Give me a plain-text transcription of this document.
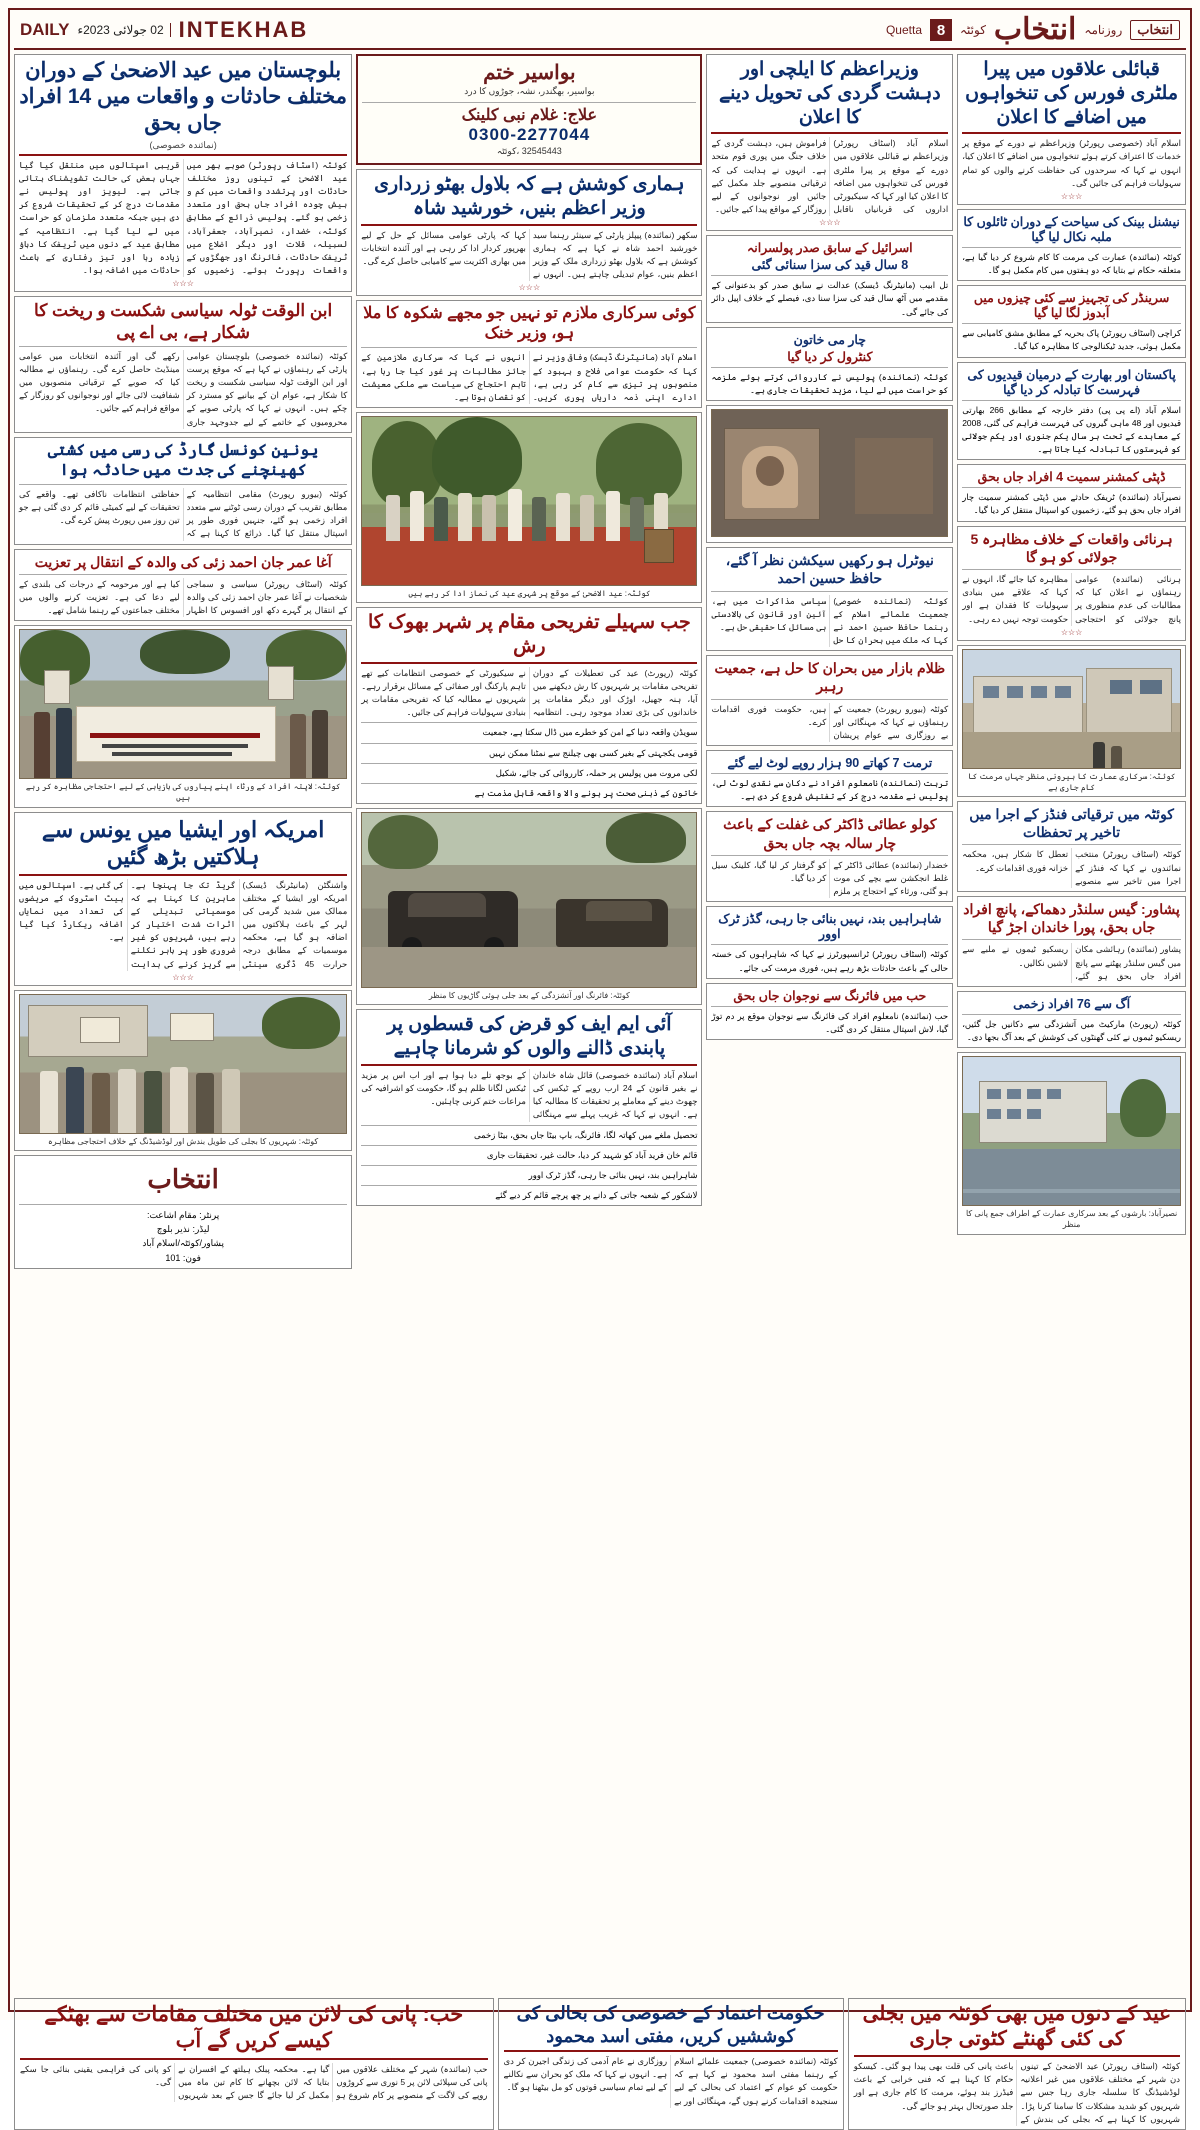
انتخاب
روزنامہ
انتخاب
کوئٹہ
8
Quetta
INTEKHAB
02 جولائی 2023ء
DAILY
قبائلی علاقوں میں پیرا ملٹری فورس کی تنخواہوں میں اضافے کا اعلان
اسلام آباد (خصوصی رپورٹر) وزیراعظم نے دورے کے موقع پر خدمات کا اعتراف کرتے ہوئے تنخواہوں میں اضافے کا اعلان کیا، انہوں نے کہا کہ سرحدوں کی حفاظت کرنے والوں کو تمام سہولیات فراہم کی جائیں گی۔
☆☆☆
نیشنل بینک کی سیاحت کے دوران ٹائلوں کا ملبہ نکال لیا گیا
کوئٹہ (نمائندہ) عمارت کی مرمت کا کام شروع کر دیا گیا ہے، متعلقہ حکام نے بتایا کہ دو ہفتوں میں کام مکمل ہو گا۔
سرینڈر کی تجہیز سے کئی چیزوں میں آبدوز لگا لیا گیا
کراچی (اسٹاف رپورٹر) پاک بحریہ کے مطابق مشق کامیابی سے مکمل ہوئی، جدید ٹیکنالوجی کا مظاہرہ کیا گیا۔
پاکستان اور بھارت کے درمیان قیدیوں کی فہرست کا تبادلہ کر دیا گیا
اسلام آباد (اے پی پی) دفتر خارجہ کے مطابق 266 بھارتی قیدیوں اور 48 ماہی گیروں کی فہرست فراہم کی گئی، 2008 کے معاہدے کے تحت ہر سال یکم جنوری اور یکم جولائی کو فہرستوں کا تبادلہ کیا جاتا ہے۔
ڈپٹی کمشنر سمیت 4 افراد جاں بحق
نصیرآباد (نمائندہ) ٹریفک حادثے میں ڈپٹی کمشنر سمیت چار افراد جاں بحق ہو گئے، زخمیوں کو اسپتال منتقل کر دیا گیا۔
ہرنائی واقعات کے خلاف مظاہرہ 5 جولائی کو ہو گا
ہرنائی (نمائندہ) عوامی رہنماؤں نے اعلان کیا کہ مطالبات کی عدم منظوری پر پانچ جولائی کو احتجاجی مظاہرہ کیا جائے گا، انہوں نے کہا کہ علاقے میں بنیادی سہولیات کا فقدان ہے اور حکومت توجہ نہیں دے رہی۔
☆☆☆
کوئٹہ: سرکاری عمارت کا بیرونی منظر جہاں مرمت کا کام جاری ہے
کوئٹہ میں ترقیاتی فنڈز کے اجرا میں تاخیر پر تحفظات
کوئٹہ (اسٹاف رپورٹر) منتخب نمائندوں نے کہا کہ فنڈز کے اجرا میں تاخیر سے منصوبے تعطل کا شکار ہیں، محکمہ خزانہ فوری اقدامات کرے۔
پشاور: گیس سلنڈر دھماکے، پانچ افراد جاں بحق، پورا خاندان اجڑ گیا
پشاور (نمائندہ) رہائشی مکان میں گیس سلنڈر پھٹنے سے پانچ افراد جاں بحق ہو گئے، ریسکیو ٹیموں نے ملبے سے لاشیں نکالیں۔
آگ سے 76 افراد زخمی
کوئٹہ (رپورٹ) مارکیٹ میں آتشزدگی سے دکانیں جل گئیں، ریسکیو ٹیموں نے کئی گھنٹوں کی کوشش کے بعد آگ بجھا دی۔
نصیرآباد: بارشوں کے بعد سرکاری عمارت کے اطراف جمع پانی کا منظر
وزیراعظم کا ایلچی اور دہشت گردی کی تحویل دینے کا اعلان
اسلام آباد (اسٹاف رپورٹر) وزیراعظم نے قبائلی علاقوں میں دورے کے موقع پر پیرا ملٹری فورس کی تنخواہوں میں اضافہ کا اعلان کیا اور کہا کہ سیکیورٹی اداروں کی قربانیاں ناقابل فراموش ہیں، دہشت گردی کے خلاف جنگ میں پوری قوم متحد ہے۔ انہوں نے ہدایت کی کہ ترقیاتی منصوبے جلد مکمل کیے جائیں اور نوجوانوں کے لیے روزگار کے مواقع پیدا کیے جائیں۔
☆☆☆
اسرائیل کے سابق صدر پولسرانہ
8 سال قید کی سزا سنائی گئی
تل ابیب (مانیٹرنگ ڈیسک) عدالت نے سابق صدر کو بدعنوانی کے مقدمے میں آٹھ سال قید کی سزا سنا دی، فیصلے کے خلاف اپیل دائر کی جائے گی۔
چار می خاتون
کنٹرول کر دیا گیا
کوئٹہ (نمائندہ) پولیس نے کارروائی کرتے ہوئے ملزمہ کو حراست میں لے لیا، مزید تحقیقات جاری ہے۔
نیوٹرل ہو رکھیں سیکشن نظر آ گئے، حافظ حسین احمد
کوئٹہ (نمائندہ خصوصی) جمعیت علمائے اسلام کے رہنما حافظ حسین احمد نے کہا کہ ملک میں بحران کا حل سیاسی مذاکرات میں ہے، آئین اور قانون کی بالادستی ہی مسائل کا حقیقی حل ہے۔
ظلام بازار میں بحران کا حل ہے، جمعیت رہبر
کوئٹہ (بیورو رپورٹ) جمعیت کے رہنماؤں نے کہا کہ مہنگائی اور بے روزگاری سے عوام پریشان ہیں، حکومت فوری اقدامات کرے۔
ترمت 7 کھاتے 90 ہزار روپے لوٹ لیے گئے
تربت (نمائندہ) نامعلوم افراد نے دکان سے نقدی لوٹ لی، پولیس نے مقدمہ درج کر کے تفتیش شروع کر دی ہے۔
کولو عطائی ڈاکٹر کی غفلت کے باعث چار سالہ بچہ جاں بحق
خضدار (نمائندہ) عطائی ڈاکٹر کے غلط انجکشن سے بچے کی موت ہو گئی، ورثاء کے احتجاج پر ملزم کو گرفتار کر لیا گیا، کلینک سیل کر دیا گیا۔
شاہراہیں بند، نہیں بنائی جا رہی، گڈز ٹرک اوور
کوئٹہ (اسٹاف رپورٹر) ٹرانسپورٹرز نے کہا کہ شاہراہوں کی خستہ حالی کے باعث حادثات بڑھ رہے ہیں، فوری مرمت کی جائے۔
حب میں فائرنگ سے نوجوان جاں بحق
حب (نمائندہ) نامعلوم افراد کی فائرنگ سے نوجوان موقع پر دم توڑ گیا، لاش اسپتال منتقل کر دی گئی۔
بواسیر ختم
بواسیر، بھگندر، نشہ، جوڑوں کا درد
علاج: غلام نبی کلینک
0300-2277044
32545443 ،کوئٹہ
ہماری کوشش ہے کہ بلاول بھٹو زرداری وزیر اعظم بنیں، خورشید شاہ
سکھر (نمائندہ) پیپلز پارٹی کے سینئر رہنما سید خورشید احمد شاہ نے کہا ہے کہ ہماری کوشش ہے کہ بلاول بھٹو زرداری ملک کے وزیر اعظم بنیں، عوام تبدیلی چاہتے ہیں۔ انہوں نے کہا کہ پارٹی عوامی مسائل کے حل کے لیے بھرپور کردار ادا کر رہی ہے اور آئندہ انتخابات میں بھاری اکثریت سے کامیابی حاصل کرے گی۔
☆☆☆
کوئی سرکاری ملازم تو نہیں جو مجھے شکوہ کا ملا ہو، وزیر خنک
اسلام آباد (مانیٹرنگ ڈیسک) وفاقی وزیر نے کہا کہ حکومت عوامی فلاح و بہبود کے منصوبوں پر تیزی سے کام کر رہی ہے، ادارے اپنی ذمہ داریاں پوری کریں۔ انہوں نے کہا کہ سرکاری ملازمین کے جائز مطالبات پر غور کیا جا رہا ہے، تاہم احتجاج کی سیاست سے ملکی معیشت کو نقصان ہوتا ہے۔
کوئٹہ: عید الاضحیٰ کے موقع پر شہری عید کی نماز ادا کر رہے ہیں
جب سہیلے تفریحی مقام پر شہر بھوک کا رش
کوئٹہ (رپورٹ) عید کی تعطیلات کے دوران تفریحی مقامات پر شہریوں کا رش دیکھنے میں آیا، ہنہ جھیل، اوڑک اور دیگر مقامات پر خاندانوں کی بڑی تعداد موجود رہی۔ انتظامیہ نے سیکیورٹی کے خصوصی انتظامات کیے تھے تاہم پارکنگ اور صفائی کے مسائل برقرار رہے۔ شہریوں نے مطالبہ کیا کہ تفریحی مقامات پر بنیادی سہولیات فراہم کی جائیں۔
سویڈن واقعہ دنیا کے امن کو خطرے میں ڈال سکتا ہے، جمعیت
قومی یکجہتی کے بغیر کسی بھی چیلنج سے نمٹنا ممکن نہیں
لکی مروت میں پولیس پر حملہ، کارروائی کی جائے، شکیل
خاتون کے ذہنی صحت پر ہونے والا واقعہ قابل مذمت ہے
کوئٹہ: فائرنگ اور آتشزدگی کے بعد جلی ہوئی گاڑیوں کا منظر
آئی ایم ایف کو قرض کی قسطوں پر پابندی ڈالنے والوں کو شرمانا چاہیے
اسلام آباد (نمائندہ خصوصی) قائل شاہ خاندان نے بغیر قانون کے 24 ارب روپے کے ٹیکس کی چھوٹ دینے کے معاملے پر تحقیقات کا مطالبہ کیا ہے۔ انہوں نے کہا کہ غریب پہلے سے مہنگائی کے بوجھ تلے دبا ہوا ہے اور اب اس پر مزید ٹیکس لگانا ظلم ہو گا، حکومت کو اشرافیہ کی مراعات ختم کرنی چاہئیں۔
تحصیل ملغے میں کھاتہ لگا، فائرنگ، باپ بیٹا جاں بحق، بیٹا زخمی
قائم خان فرید آباد کو شہید کر دیا، حالت غیر، تحقیقات جاری
شاہراہیں بند، نہیں بنائی جا رہی، گڈز ٹرک اوور
لاشکور کے شعبہ جاتی کے دانے پر چھ پرچے قائم کر دیے گئے
بلوچستان میں عید الاضحیٰ کے دوران مختلف حادثات و واقعات میں 14 افراد جاں بحق
(نمائندہ خصوصی)
کوئٹہ (اسٹاف رپورٹر) صوبے بھر میں عید الاضحیٰ کے تینوں روز مختلف حادثات اور پرتشدد واقعات میں کم و بیش چودہ افراد جاں بحق اور متعدد زخمی ہو گئے۔ پولیس ذرائع کے مطابق کوئٹہ، خضدار، نصیرآباد، جعفرآباد، لسبیلہ، قلات اور دیگر اضلاع میں ٹریفک حادثات، فائرنگ اور جھگڑوں کے واقعات رپورٹ ہوئے۔ زخمیوں کو قریبی اسپتالوں میں منتقل کیا گیا جہاں بعض کی حالت تشویشناک بتائی جاتی ہے۔ لیویز اور پولیس نے مقدمات درج کر کے تحقیقات شروع کر دی ہیں جبکہ متعدد ملزمان کو حراست میں لے لیا گیا ہے۔ انتظامیہ کے مطابق عید کے دنوں میں ٹریفک کا دباؤ زیادہ رہا اور تیز رفتاری کے باعث حادثات میں اضافہ ہوا۔
☆☆☆
ابن الوقت ٹولہ سیاسی شکست و ریخت کا شکار ہے، بی اے پی
کوئٹہ (نمائندہ خصوصی) بلوچستان عوامی پارٹی کے رہنماؤں نے کہا ہے کہ موقع پرست اور ابن الوقت ٹولہ سیاسی شکست و ریخت کا شکار ہے، عوام ان کے بیانیے کو مسترد کر چکے ہیں۔ انہوں نے کہا کہ پارٹی صوبے کے محرومیوں کے خاتمے کے لیے جدوجہد جاری رکھے گی اور آئندہ انتخابات میں عوامی مینڈیٹ حاصل کرے گی۔ رہنماؤں نے مطالبہ کیا کہ صوبے کے ترقیاتی منصوبوں میں شفافیت لائی جائے اور نوجوانوں کو روزگار کے مواقع فراہم کیے جائیں۔
یونین کونسل گارڈ کی رسی میں کشتی کھینچنے کی جدت میں حادثہ ہوا
کوئٹہ (بیورو رپورٹ) مقامی انتظامیہ کے مطابق تقریب کے دوران رسی ٹوٹنے سے متعدد افراد زخمی ہو گئے، جنہیں فوری طور پر اسپتال منتقل کیا گیا۔ ذرائع کا کہنا ہے کہ حفاظتی انتظامات ناکافی تھے۔ واقعے کی تحقیقات کے لیے کمیٹی قائم کر دی گئی ہے جو تین روز میں رپورٹ پیش کرے گی۔
آغا عمر جان احمد زئی کی والدہ کے انتقال پر تعزیت
کوئٹہ (اسٹاف رپورٹر) سیاسی و سماجی شخصیات نے آغا عمر جان احمد زئی کی والدہ کے انتقال پر گہرے دکھ اور افسوس کا اظہار کیا ہے اور مرحومہ کے درجات کی بلندی کے لیے دعا کی ہے۔ تعزیت کرنے والوں میں مختلف جماعتوں کے رہنما شامل تھے۔
کوئٹہ: لاپتہ افراد کے ورثاء اپنے پیاروں کی بازیابی کے لیے احتجاجی مظاہرہ کر رہے ہیں
امریکہ اور ایشیا میں یونس سے ہلاکتیں بڑھ گئیں
واشنگٹن (مانیٹرنگ ڈیسک) امریکہ اور ایشیا کے مختلف ممالک میں شدید گرمی کی لہر کے باعث ہلاکتوں میں اضافہ ہو گیا ہے، محکمہ موسمیات کے مطابق درجہ حرارت 45 ڈگری سینٹی گریڈ تک جا پہنچا ہے۔ ماہرین کا کہنا ہے کہ موسمیاتی تبدیلی کے اثرات شدت اختیار کر رہے ہیں، شہریوں کو غیر ضروری طور پر باہر نکلنے سے گریز کرنے کی ہدایت کی گئی ہے۔ اسپتالوں میں ہیٹ اسٹروک کے مریضوں کی تعداد میں نمایاں اضافہ ریکارڈ کیا گیا ہے۔
☆☆☆
کوئٹہ: شہریوں کا بجلی کی طویل بندش اور لوڈشیڈنگ کے خلاف احتجاجی مظاہرہ
انتخاب
پرنٹر: مقام اشاعت:
لیڈر: نذیر بلوچ
پشاور/کوئٹہ/اسلام آباد
فون: 101
عید کے دنوں میں بھی کوئٹہ میں بجلی کی کئی گھنٹے کٹوتی جاری
کوئٹہ (اسٹاف رپورٹر) عید الاضحیٰ کے تینوں دن شہر کے مختلف علاقوں میں غیر اعلانیہ لوڈشیڈنگ کا سلسلہ جاری رہا جس سے شہریوں کو شدید مشکلات کا سامنا کرنا پڑا۔ شہریوں کا کہنا ہے کہ بجلی کی بندش کے باعث پانی کی قلت بھی پیدا ہو گئی۔ کیسکو حکام کا کہنا ہے کہ فنی خرابی کے باعث فیڈرز بند ہوئے، مرمت کا کام جاری ہے اور جلد صورتحال بہتر ہو جائے گی۔
حکومت اعتماد کے خصوصی کی بحالی کی کوششیں کریں، مفتی اسد محمود
کوئٹہ (نمائندہ خصوصی) جمعیت علمائے اسلام کے رہنما مفتی اسد محمود نے کہا ہے کہ حکومت کو عوام کے اعتماد کی بحالی کے لیے سنجیدہ اقدامات کرنے ہوں گے، مہنگائی اور بے روزگاری نے عام آدمی کی زندگی اجیرن کر دی ہے۔ انہوں نے کہا کہ ملک کو بحران سے نکالنے کے لیے تمام سیاسی قوتوں کو مل بیٹھنا ہو گا۔
حب: پانی کی لائن میں مختلف مقامات سے بھٹکے کیسے کریں گے آب
حب (نمائندہ) شہر کے مختلف علاقوں میں پانی کی سپلائی لائن پر 5 نوری سے کروڑوں روپے کی لاگت کے منصوبے پر کام شروع ہو گیا ہے۔ محکمہ پبلک ہیلتھ کے افسران نے بتایا کہ لائن بچھانے کا کام تین ماہ میں مکمل کر لیا جائے گا جس کے بعد شہریوں کو پانی کی فراہمی یقینی بنائی جا سکے گی۔
